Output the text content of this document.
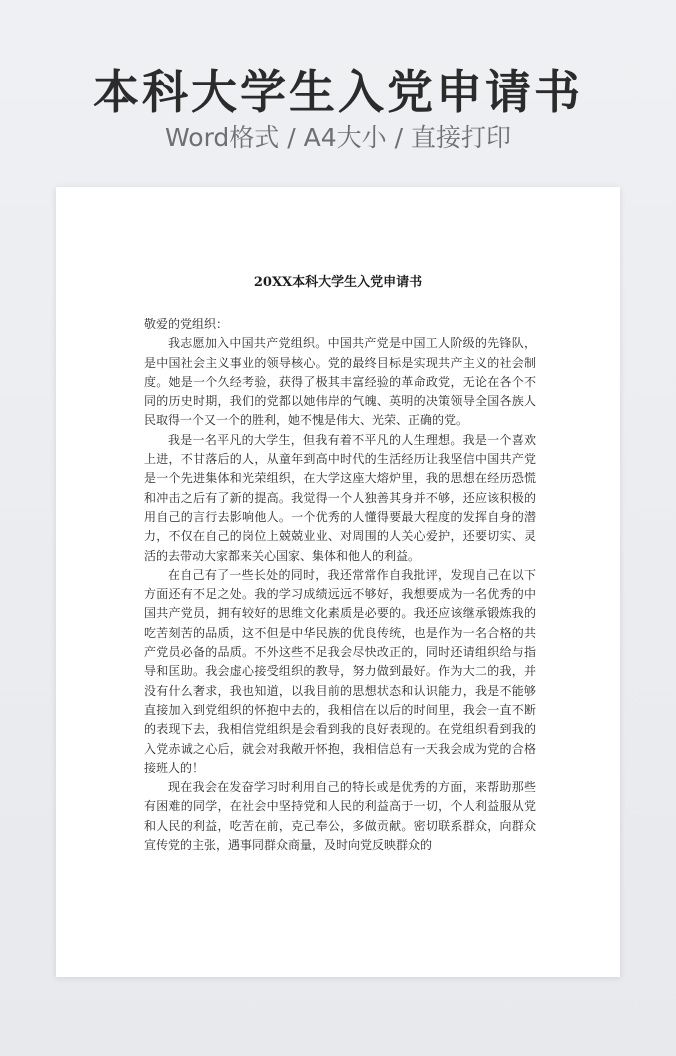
本科大学生入党申请书
Word格式 / A4大小 / 直接打印
20XX本科大学生入党申请书

敬爱的党组织：

我志愿加入中国共产党组织。中国共产党是中国工人阶级的先锋队，是中国社会主义事业的领导核心。党的最终目标是实现共产主义的社会制度。她是一个久经考验，获得了极其丰富经验的革命政党，无论在各个不同的历史时期，我们的党都以她伟岸的气魄、英明的决策领导全国各族人民取得一个又一个的胜利，她不愧是伟大、光荣、正确的党。

我是一名平凡的大学生，但我有着不平凡的人生理想。我是一个喜欢上进，不甘落后的人，从童年到高中时代的生活经历让我坚信中国共产党是一个先进集体和光荣组织，在大学这座大熔炉里，我的思想在经历恐慌和冲击之后有了新的提高。我觉得一个人独善其身并不够，还应该积极的用自己的言行去影响他人。一个优秀的人懂得要最大程度的发挥自身的潜力，不仅在自己的岗位上兢兢业业、对周围的人关心爱护，还要切实、灵活的去带动大家都来关心国家、集体和他人的利益。

在自己有了一些长处的同时，我还常常作自我批评，发现自己在以下方面还有不足之处。我的学习成绩远远不够好，我想要成为一名优秀的中国共产党员，拥有较好的思维文化素质是必要的。我还应该继承锻炼我的吃苦刻苦的品质，这不但是中华民族的优良传统，也是作为一名合格的共产党员必备的品质。不外这些不足我会尽快改正的，同时还请组织给与指导和匡助。我会虚心接受组织的教导，努力做到最好。作为大二的我，并没有什么奢求，我也知道，以我目前的思想状态和认识能力，我是不能够直接加入到党组织的怀抱中去的，我相信在以后的时间里，我会一直不断的表现下去，我相信党组织是会看到我的良好表现的。在党组织看到我的入党赤诚之心后，就会对我敞开怀抱，我相信总有一天我会成为党的合格接班人的！

现在我会在发奋学习时利用自己的特长或是优秀的方面，来帮助那些有困难的同学，在社会中坚持党和人民的利益高于一切，个人利益服从党和人民的利益，吃苦在前，克己奉公，多做贡献。密切联系群众，向群众宣传党的主张，遇事同群众商量，及时向党反映群众的
